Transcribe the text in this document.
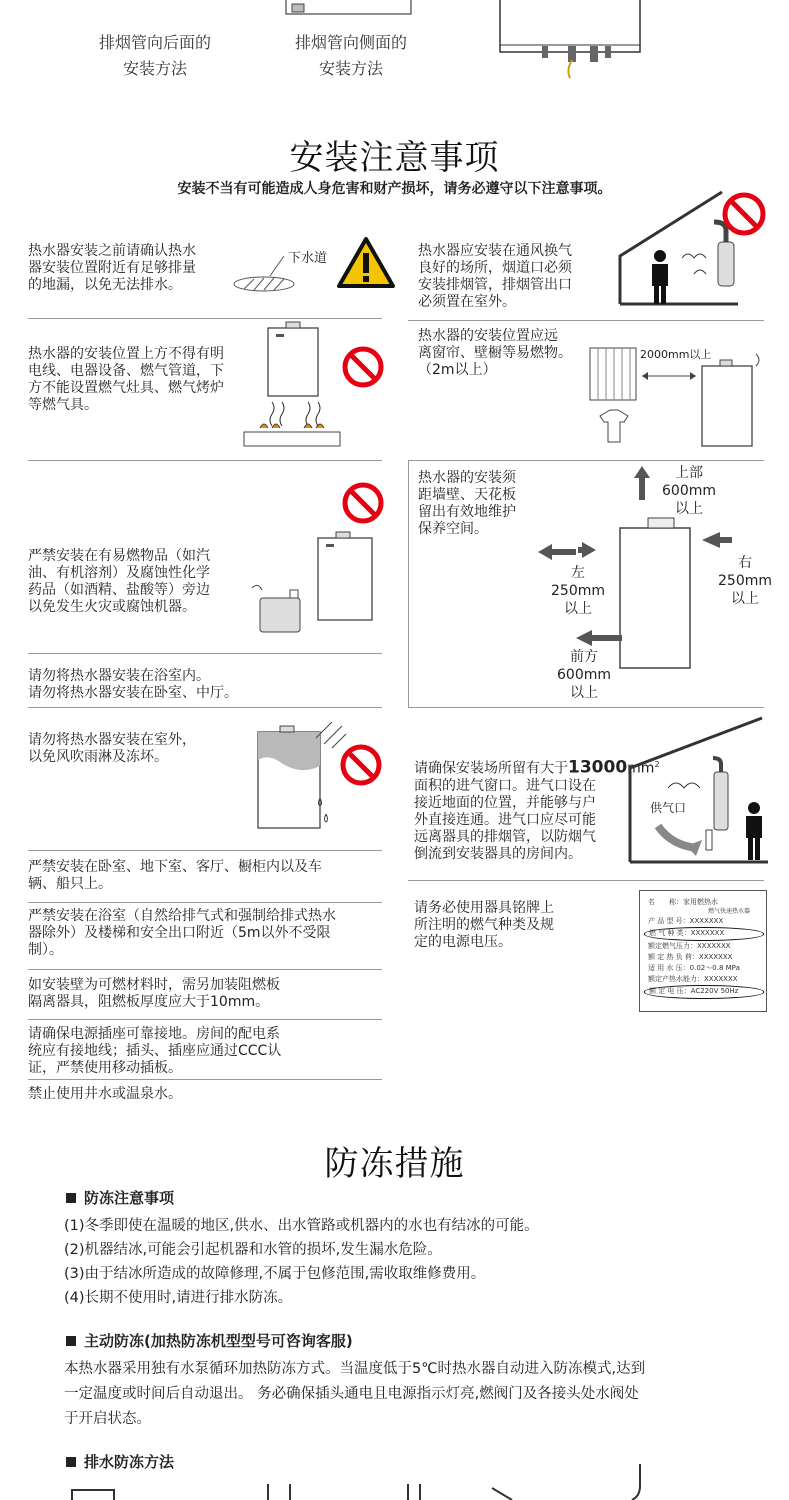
排烟管向后面的
安装方法
排烟管向侧面的
安装方法
安装注意事项
安装不当有可能造成人身危害和财产损坏，请务必遵守以下注意事项。
热水器安装之前请确认热水
器安装位置附近有足够排量
的地漏，以免无法排水。
下水道
热水器的安装位置上方不得有明
电线、电器设备、燃气管道，下
方不能设置燃气灶具、燃气烤炉
等燃气具。
严禁安装在有易燃物品（如汽
油、有机溶剂）及腐蚀性化学
药品（如酒精、盐酸等）旁边
以免发生火灾或腐蚀机器。
请勿将热水器安装在浴室内。
请勿将热水器安装在卧室、中厅。
请勿将热水器安装在室外，
以免风吹雨淋及冻坏。
严禁安装在卧室、地下室、客厅、橱柜内以及车
辆、船只上。
严禁安装在浴室（自然给排气式和强制给排式热水
器除外）及楼梯和安全出口附近（5m以外不受限
制）。
如安装壁为可燃材料时，需另加装阻燃板
隔离器具，阻燃板厚度应大于10mm。
请确保电源插座可靠接地。房间的配电系
统应有接地线；插头、插座应通过CCC认
证，严禁使用移动插板。
禁止使用井水或温泉水。
热水器应安装在通风换气
良好的场所，烟道口必须
安装排烟管，排烟管出口
必须置在室外。
热水器的安装位置应远
离窗帘、壁橱等易燃物。
（2m以上）
2000mm以上
热水器的安装须
距墙壁、天花板
留出有效地维护
保养空间。
上部
600mm
以上
左
250mm
以上
右
250mm
以上
前方
600mm
以上

请确保安装场所留有大于$13000mm^2$

面积的进气窗口。进气口设在
接近地面的位置，并能够与户
外直接连通。进气口应尽可能
远离器具的排烟管，以防烟气
倒流到安装器具的房间内。

供气口
请务必使用器具铭牌上
所注明的燃气种类及规
定的电源电压。
名　　称：家用燃热水
燃气快速热水器
产 品 型 号：XXXXXXX
燃 气 种 类：XXXXXXX
额定燃气压力：XXXXXXX
额 定 热 负 荷：XXXXXXX
适 用 水 压：0.02～0.8 MPa
额定产热水能力：XXXXXXX
额 定 电 压：AC220V 50Hz
防冻措施
防冻注意事项
(1)冬季即使在温暖的地区,供水、出水管路或机器内的水也有结冰的可能。
(2)机器结冰,可能会引起机器和水管的损坏,发生漏水危险。
(3)由于结冰所造成的故障修理,不属于包修范围,需收取维修费用。
(4)长期不使用时,请进行排水防冻。
主动防冻(加热防冻机型型号可咨询客服)
本热水器采用独有水泵循环加热防冻方式。当温度低于5℃时热水器自动进入防冻模式,达到
一定温度或时间后自动退出。 务必确保插头通电且电源指示灯亮,燃阀门及各接头处水阀处
于开启状态。
排水防冻方法
